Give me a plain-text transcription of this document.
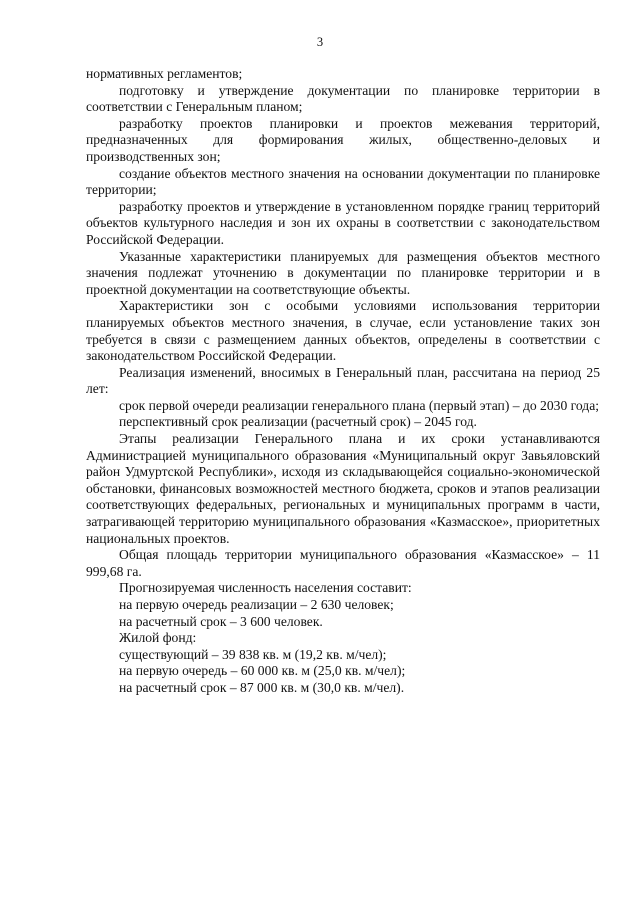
3

нормативных регламентов;

подготовку и утверждение документации по планировке территории в соответствии с Генеральным планом;

разработку проектов планировки и проектов межевания территорий, предназначенных для формирования жилых, общественно-деловых и производственных зон;

создание объектов местного значения на основании документации по планировке территории;

разработку проектов и утверждение в установленном порядке границ территорий объектов культурного наследия и зон их охраны в соответствии с законодательством Российской Федерации.

Указанные характеристики планируемых для размещения объектов местного значения подлежат уточнению в документации по планировке территории и в проектной документации на соответствующие объекты.

Характеристики зон с особыми условиями использования территории планируемых объектов местного значения, в случае, если установление таких зон требуется в связи с размещением данных объектов, определены в соответствии с законодательством Российской Федерации.

Реализация изменений, вносимых в Генеральный план, рассчитана на период 25 лет:

срок первой очереди реализации генерального плана (первый этап) – до 2030 года;

перспективный срок реализации (расчетный срок) – 2045 год.

Этапы реализации Генерального плана и их сроки устанавливаются Администрацией муниципального образования «Муниципальный округ Завьяловский район Удмуртской Республики», исходя из складывающейся социально-экономической обстановки, финансовых возможностей местного бюджета, сроков и этапов реализации соответствующих федеральных, региональных и муниципальных программ в части, затрагивающей территорию муниципального образования «Казмасское», приоритетных национальных проектов.

Общая площадь территории муниципального образования «Казмасское» – 11 999,68 га.

Прогнозируемая численность населения составит:

на первую очередь реализации – 2 630 человек;

на расчетный срок – 3 600 человек.

Жилой фонд:

существующий – 39 838 кв. м (19,2 кв. м/чел);

на первую очередь – 60 000 кв. м (25,0 кв. м/чел);

на расчетный срок – 87 000 кв. м (30,0 кв. м/чел).
